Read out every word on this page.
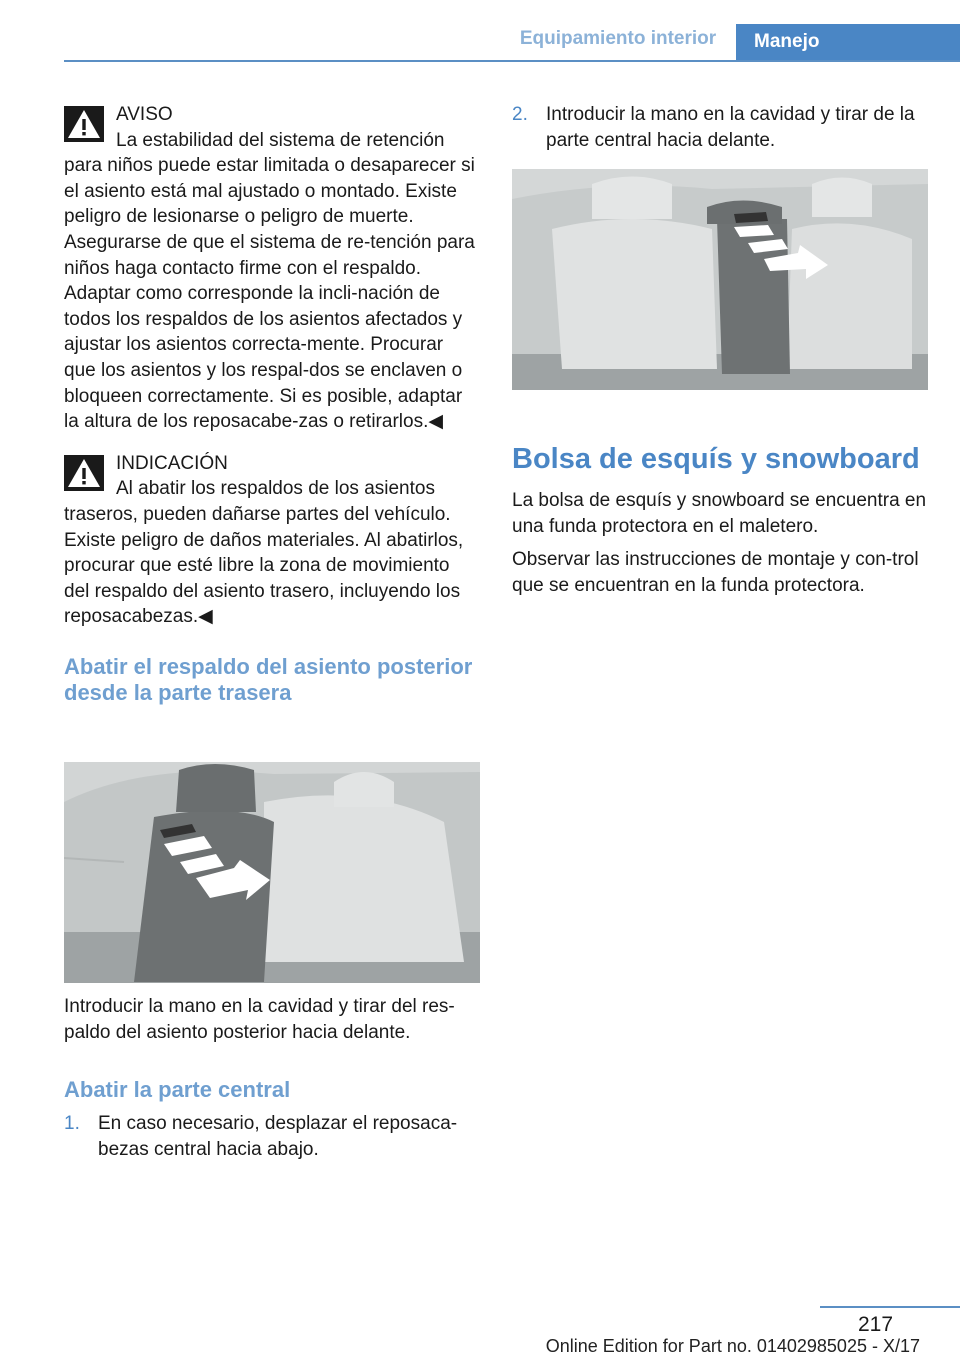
Equipamiento interior	Manejo
AVISO

La estabilidad del sistema de retención para niños puede estar limitada o desaparecer si el asiento está mal ajustado o montado. Existe peligro de lesionarse o peligro de muerte. Asegurarse de que el sistema de re‐tención para niños haga contacto firme con el respaldo. Adaptar como corresponde la incli‐nación de todos los respaldos de los asientos afectados y ajustar los asientos correcta‐mente. Procurar que los asientos y los respal‐dos se enclaven o bloqueen correctamente. Si es posible, adaptar la altura de los reposacabe‐zas o retirarlos.◀

INDICACIÓN

Al abatir los respaldos de los asientos traseros, pueden dañarse partes del vehículo. Existe peligro de daños materiales. Al abatirlos, procurar que esté libre la zona de movimiento del respaldo del asiento trasero, incluyendo los reposacabezas.◀

Abatir el respaldo del asiento posterior desde la parte trasera

Introducir la mano en la cavidad y tirar del res‐paldo del asiento posterior hacia delante.

Abatir la parte central

1. En caso necesario, desplazar el reposaca‐bezas central hacia abajo.
2. Introducir la mano en la cavidad y tirar de la parte central hacia delante.

Bolsa de esquís y snowboard

La bolsa de esquís y snowboard se encuentra en una funda protectora en el maletero.

Observar las instrucciones de montaje y con‐trol que se encuentran en la funda protectora.

217
Online Edition for Part no. 01402985025 - X/17
